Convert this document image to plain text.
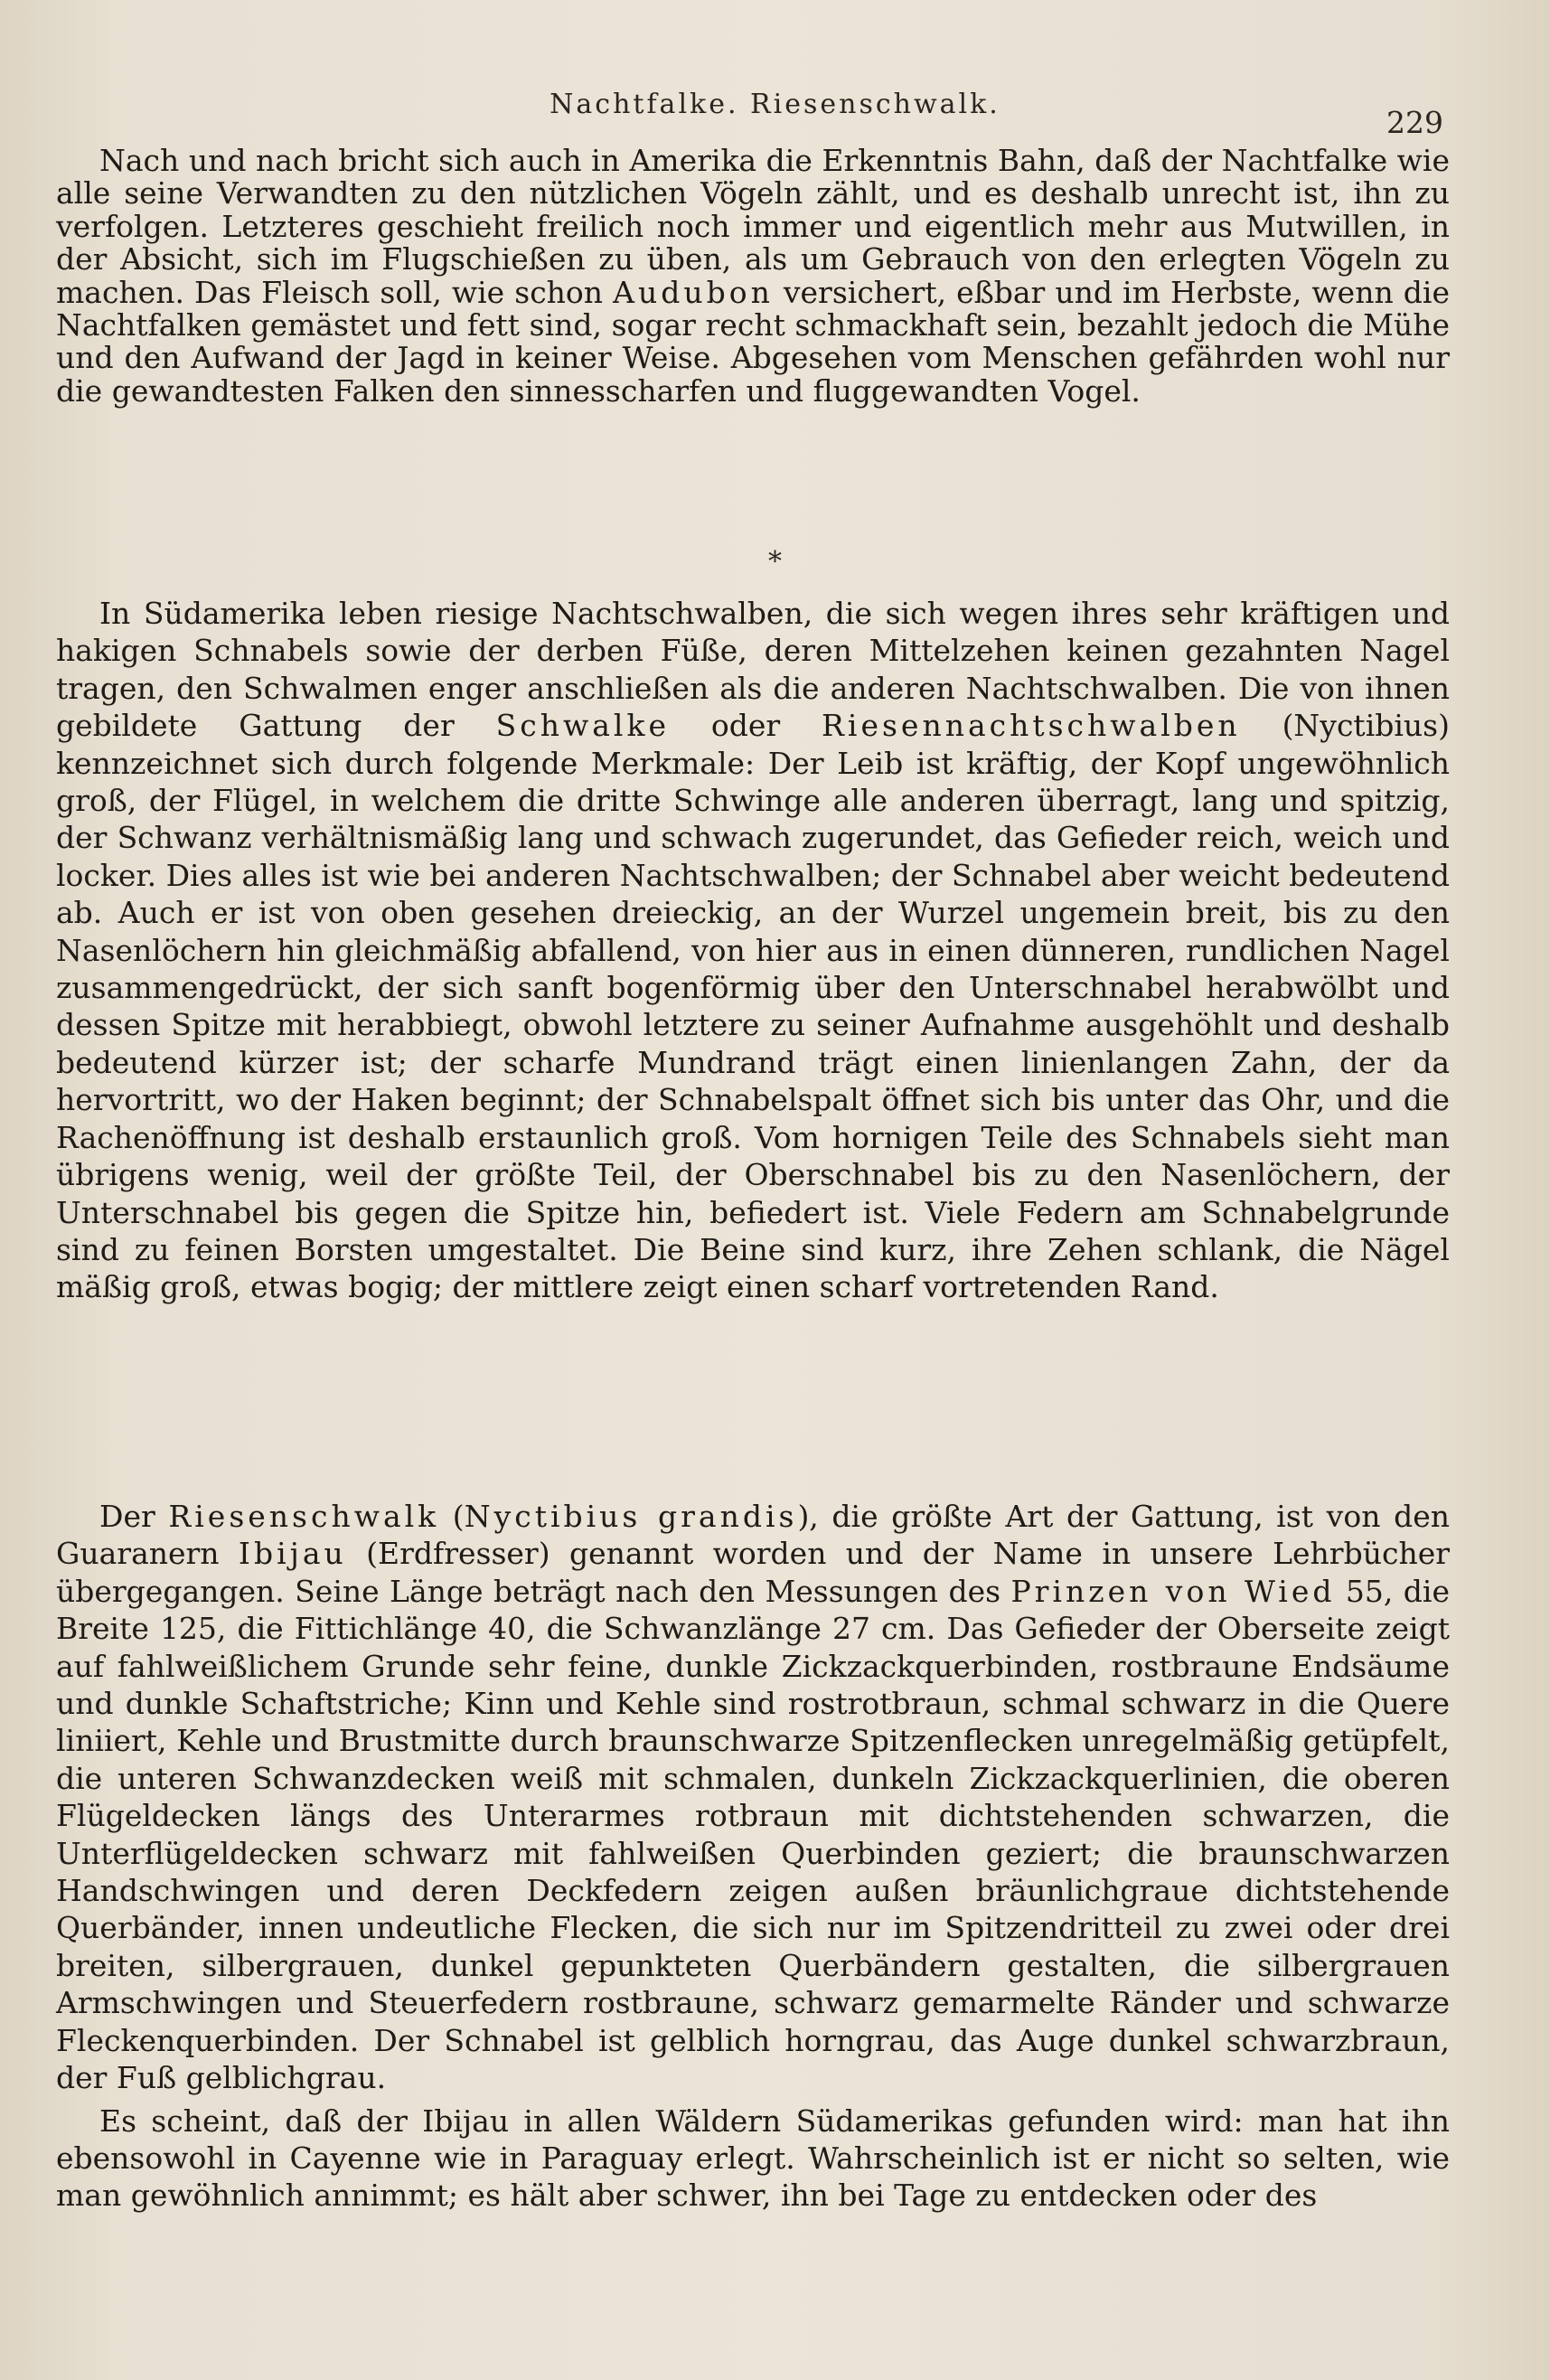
Nachtfalke. Riesenschwalk.
229

Nach und nach bricht sich auch in Amerika die Erkenntnis Bahn, daß der Nachtfalke wie alle seine Verwandten zu den nützlichen Vögeln zählt, und es deshalb unrecht ist, ihn zu verfolgen. Letzteres geschieht freilich noch immer und eigentlich mehr aus Mutwillen, in der Absicht, sich im Flugschießen zu üben, als um Gebrauch von den erlegten Vögeln zu machen. Das Fleisch soll, wie schon Audubon versichert, eßbar und im Herbste, wenn die Nachtfalken gemästet und fett sind, sogar recht schmackhaft sein, bezahlt jedoch die Mühe und den Aufwand der Jagd in keiner Weise. Abgesehen vom Menschen gefährden wohl nur die gewandtesten Falken den sinnesscharfen und fluggewandten Vogel.

*

In Südamerika leben riesige Nachtschwalben, die sich wegen ihres sehr kräftigen und hakigen Schnabels sowie der derben Füße, deren Mittelzehen keinen gezahnten Nagel tragen, den Schwalmen enger anschließen als die anderen Nachtschwalben. Die von ihnen gebildete Gattung der Schwalke oder Riesennachtschwalben (Nyctibius) kennzeichnet sich durch folgende Merkmale: Der Leib ist kräftig, der Kopf ungewöhnlich groß, der Flügel, in welchem die dritte Schwinge alle anderen überragt, lang und spitzig, der Schwanz verhältnismäßig lang und schwach zugerundet, das Gefieder reich, weich und locker. Dies alles ist wie bei anderen Nachtschwalben; der Schnabel aber weicht bedeutend ab. Auch er ist von oben gesehen dreieckig, an der Wurzel ungemein breit, bis zu den Nasenlöchern hin gleichmäßig abfallend, von hier aus in einen dünneren, rundlichen Nagel zusammengedrückt, der sich sanft bogenförmig über den Unterschnabel herabwölbt und dessen Spitze mit herabbiegt, obwohl letztere zu seiner Aufnahme ausgehöhlt und deshalb bedeutend kürzer ist; der scharfe Mundrand trägt einen linienlangen Zahn, der da hervortritt, wo der Haken beginnt; der Schnabelspalt öffnet sich bis unter das Ohr, und die Rachenöffnung ist deshalb erstaunlich groß. Vom hornigen Teile des Schnabels sieht man übrigens wenig, weil der größte Teil, der Oberschnabel bis zu den Nasenlöchern, der Unterschnabel bis gegen die Spitze hin, befiedert ist. Viele Federn am Schnabelgrunde sind zu feinen Borsten umgestaltet. Die Beine sind kurz, ihre Zehen schlank, die Nägel mäßig groß, etwas bogig; der mittlere zeigt einen scharf vortretenden Rand.

Der Riesenschwalk (Nyctibius grandis), die größte Art der Gattung, ist von den Guaranern Ibijau (Erdfresser) genannt worden und der Name in unsere Lehrbücher übergegangen. Seine Länge beträgt nach den Messungen des Prinzen von Wied 55, die Breite 125, die Fittichlänge 40, die Schwanzlänge 27 cm. Das Gefieder der Oberseite zeigt auf fahlweißlichem Grunde sehr feine, dunkle Zickzackquerbinden, rostbraune Endsäume und dunkle Schaftstriche; Kinn und Kehle sind rostrotbraun, schmal schwarz in die Quere liniiert, Kehle und Brustmitte durch braunschwarze Spitzenflecken unregelmäßig getüpfelt, die unteren Schwanzdecken weiß mit schmalen, dunkeln Zickzackquerlinien, die oberen Flügeldecken längs des Unterarmes rotbraun mit dichtstehenden schwarzen, die Unterflügeldecken schwarz mit fahlweißen Querbinden geziert; die braunschwarzen Handschwingen und deren Deckfedern zeigen außen bräunlichgraue dichtstehende Querbänder, innen undeutliche Flecken, die sich nur im Spitzendritteil zu zwei oder drei breiten, silbergrauen, dunkel gepunkteten Querbändern gestalten, die silbergrauen Armschwingen und Steuerfedern rostbraune, schwarz gemarmelte Ränder und schwarze Fleckenquerbinden. Der Schnabel ist gelblich horngrau, das Auge dunkel schwarzbraun, der Fuß gelblichgrau.

Es scheint, daß der Ibijau in allen Wäldern Südamerikas gefunden wird: man hat ihn ebensowohl in Cayenne wie in Paraguay erlegt. Wahrscheinlich ist er nicht so selten, wie man gewöhnlich annimmt; es hält aber schwer, ihn bei Tage zu entdecken oder des
